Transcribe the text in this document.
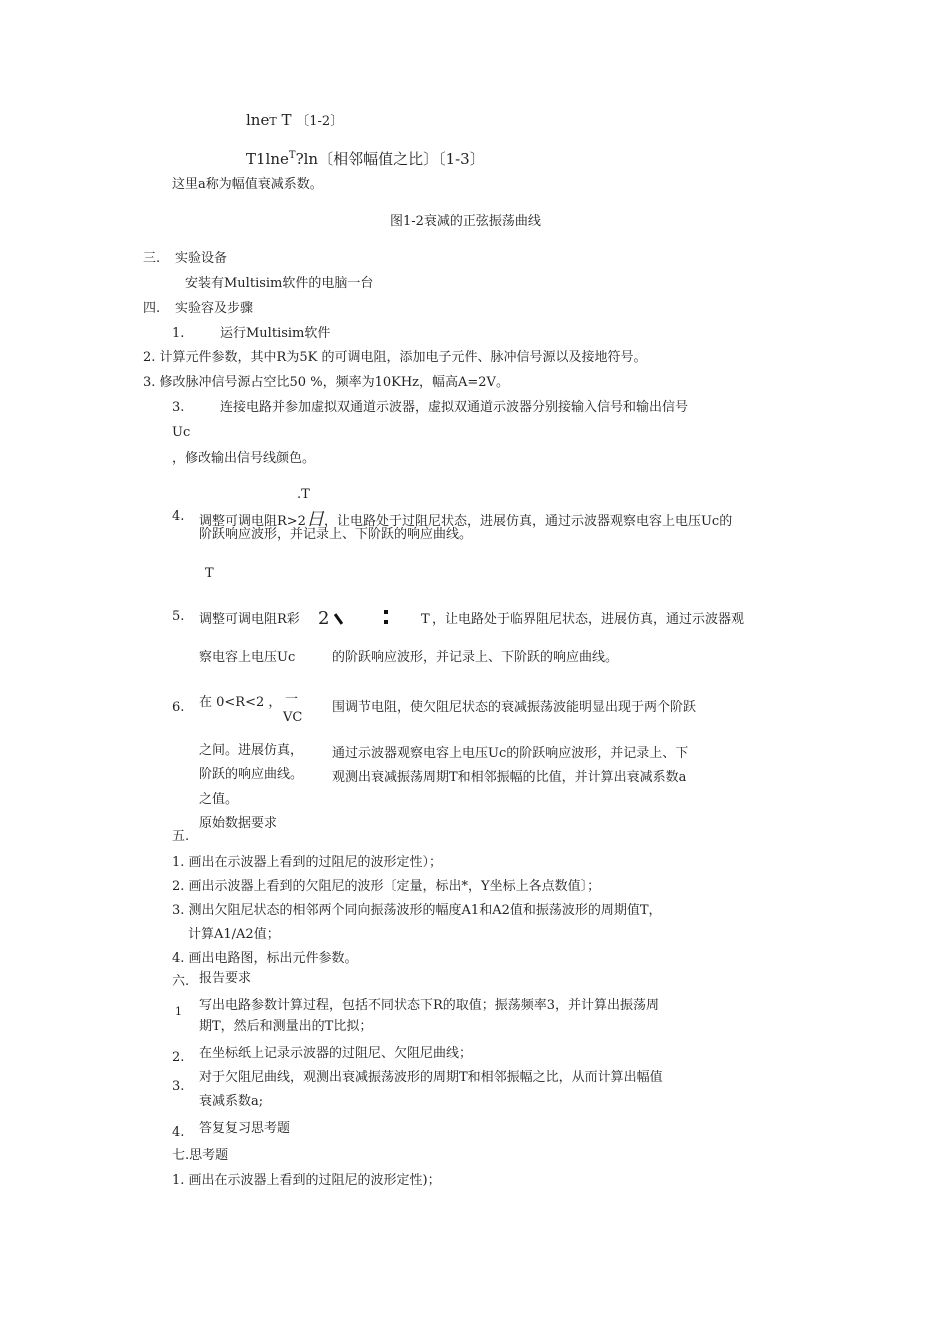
lneT T 〔1-2〕
T1lne$^T$?ln〔相邻幅值之比〕〔1-3〕
这里a称为幅值衰减系数。
图1-2衰减的正弦振荡曲线
三. 实验设备
安装有Multisim软件的电脑一台
四. 实验容及步骤
1.	运行Multisim软件
2. 计算元件参数，其中R为5K 的可调电阻，添加电子元件、脉冲信号源以及接地符号。
3. 修改脉冲信号源占空比50 %，频率为10KHz，幅高A=2V。
3.	连接电路并参加虚拟双通道示波器，虚拟双通道示波器分别接输入信号和输出信号
Uc
，修改输出信号线颜色。
.T
4. 调整可调电阻R>2日，让电路处于过阻尼状态，进展仿真，通过示波器观察电容上电压Uc的
阶跃响应波形，并记录上、下阶跃的响应曲线。
T
5. 调整可调电阻R彩 2	T ，让电路处于临界阻尼状态，进展仿真，通过示波器观
察电容上电压Uc	的阶跃响应波形，并记录上、下阶跃的响应曲线。
6. 在 0<R<2 ， 一
VC
围调节电阻，使欠阻尼状态的衰减振荡波能明显出现于两个阶跃
之间。进展仿真， 通过示波器观察电容上电压Uc的阶跃响应波形，并记录上、下
阶跃的响应曲线。 观测出衰减振荡周期T和相邻振幅的比值，并计算出衰减系数a
之值。
原始数据要求
五.
1. 画出在示波器上看到的过阻尼的波形定性）；
2. 画出示波器上看到的欠阻尼的波形〔定量，标出*，Y坐标上各点数值〕；
3. 测出欠阻尼状态的相邻两个同向振荡波形的幅度A1和A2值和振荡波形的周期值T，
计算A1/A2值；
4. 画出电路图，标出元件参数。
六. 报告要求
1 写出电路参数计算过程，包括不同状态下R的取值；振荡频率3，并计算出振荡周
期T，然后和测量出的T比拟；
2. 在坐标纸上记录示波器的过阻尼、欠阻尼曲线；
3.
对于欠阻尼曲线，观测出衰减振荡波形的周期T和相邻振幅之比，从而计算出幅值
衰减系数a;
4. 答复复习思考题
七.思考题
1. 画出在示波器上看到的过阻尼的波形定性)；
